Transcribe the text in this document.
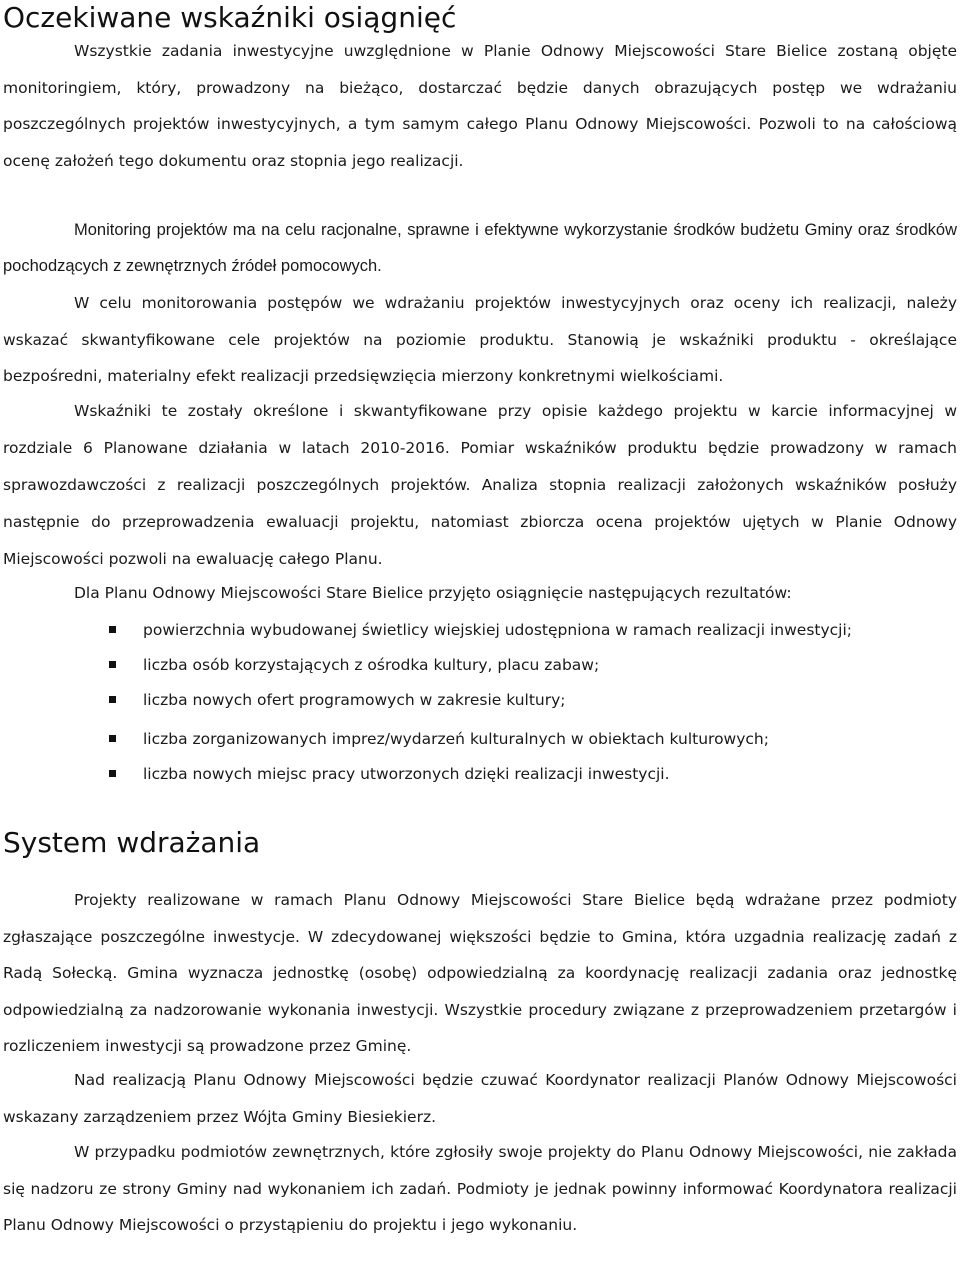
Oczekiwane wskaźniki osiągnięć

Wszystkie zadania inwestycyjne uwzględnione w Planie Odnowy Miejscowości Stare Bielice zostaną objęte monitoringiem, który, prowadzony na bieżąco, dostarczać będzie danych obrazujących postęp we wdrażaniu poszczególnych projektów inwestycyjnych, a tym samym całego Planu Odnowy Miejscowości. Pozwoli to na całościową ocenę założeń tego dokumentu oraz stopnia jego realizacji.

Monitoring projektów ma na celu racjonalne, sprawne i efektywne wykorzystanie środków budżetu Gminy oraz środków pochodzących z zewnętrznych źródeł pomocowych.

W celu monitorowania postępów we wdrażaniu projektów inwestycyjnych oraz oceny ich realizacji, należy wskazać skwantyfikowane cele projektów na poziomie produktu. Stanowią je wskaźniki produktu - określające bezpośredni, materialny efekt realizacji przedsięwzięcia mierzony konkretnymi wielkościami.

Wskaźniki te zostały określone i skwantyfikowane przy opisie każdego projektu w karcie informacyjnej w rozdziale 6 Planowane działania w latach 2010-2016. Pomiar wskaźników produktu będzie prowadzony w ramach sprawozdawczości z realizacji poszczególnych projektów. Analiza stopnia realizacji założonych wskaźników posłuży następnie do przeprowadzenia ewaluacji projektu, natomiast zbiorcza ocena projektów ujętych w Planie Odnowy Miejscowości pozwoli na ewaluację całego Planu.

Dla Planu Odnowy Miejscowości Stare Bielice przyjęto osiągnięcie następujących rezultatów:

powierzchnia wybudowanej świetlicy wiejskiej udostępniona w ramach realizacji inwestycji;
liczba osób korzystających z ośrodka kultury, placu zabaw;
liczba nowych ofert programowych w zakresie kultury;
liczba zorganizowanych imprez/wydarzeń kulturalnych w obiektach kulturowych;
liczba nowych miejsc pracy utworzonych dzięki realizacji inwestycji.
System wdrażania

Projekty realizowane w ramach Planu Odnowy Miejscowości Stare Bielice będą wdrażane przez podmioty zgłaszające poszczególne inwestycje. W zdecydowanej większości będzie to Gmina, która uzgadnia realizację zadań z Radą Sołecką. Gmina wyznacza jednostkę (osobę) odpowiedzialną za koordynację realizacji zadania oraz jednostkę odpowiedzialną za nadzorowanie wykonania inwestycji. Wszystkie procedury związane z przeprowadzeniem przetargów i rozliczeniem inwestycji są prowadzone przez Gminę.

Nad realizacją Planu Odnowy Miejscowości będzie czuwać Koordynator realizacji Planów Odnowy Miejscowości wskazany zarządzeniem przez Wójta Gminy Biesiekierz.

W przypadku podmiotów zewnętrznych, które zgłosiły swoje projekty do Planu Odnowy Miejscowości, nie zakłada się nadzoru ze strony Gminy nad wykonaniem ich zadań. Podmioty je jednak powinny informować Koordynatora realizacji Planu Odnowy Miejscowości o przystąpieniu do projektu i jego wykonaniu.
